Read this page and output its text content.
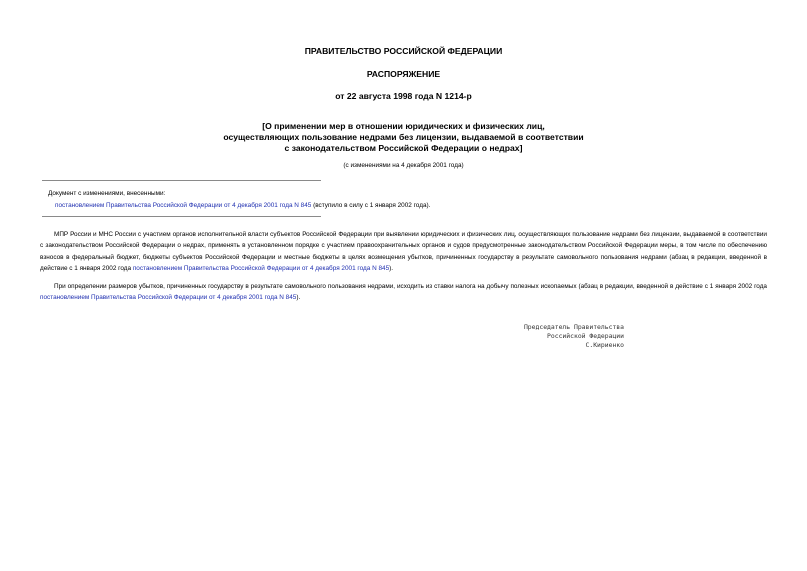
ПРАВИТЕЛЬСТВО РОССИЙСКОЙ ФЕДЕРАЦИИ
РАСПОРЯЖЕНИЕ
от 22 августа 1998 года N 1214-р
[О применении мер в отношении юридических и физических лиц,
осуществляющих пользование недрами без лицензии, выдаваемой в соответствии
с законодательством Российской Федерации о недрах]
(с изменениями на 4 декабря 2001 года)
Документ с изменениями, внесенными:
постановлением Правительства Российской Федерации от 4 декабря 2001 года N 845 (вступило в силу с 1 января 2002 года).
МПР России и МНС России с участием органов исполнительной власти субъектов Российской Федерации при выявлении юридических и физических лиц, осуществляющих пользование недрами без лицензии, выдаваемой в соответствии с законодательством Российской Федерации о недрах, применять в установленном порядке с участием правоохранительных органов и судов предусмотренные законодательством Российской Федерации меры, в том числе по обеспечению взносов в федеральный бюджет, бюджеты субъектов Российской Федерации и местные бюджеты в целях возмещения убытков, причиненных государству в результате самовольного пользования недрами (абзац в редакции, введенной в действие с 1 января 2002 года постановлением Правительства Российской Федерации от 4 декабря 2001 года N 845).
При определении размеров убытков, причиненных государству в результате самовольного пользования недрами, исходить из ставки налога на добычу полезных ископаемых (абзац в редакции, введенной в действие с 1 января 2002 года постановлением Правительства Российской Федерации от 4 декабря 2001 года N 845).
Председатель Правительства
Российской Федерации
С.Кириенко
